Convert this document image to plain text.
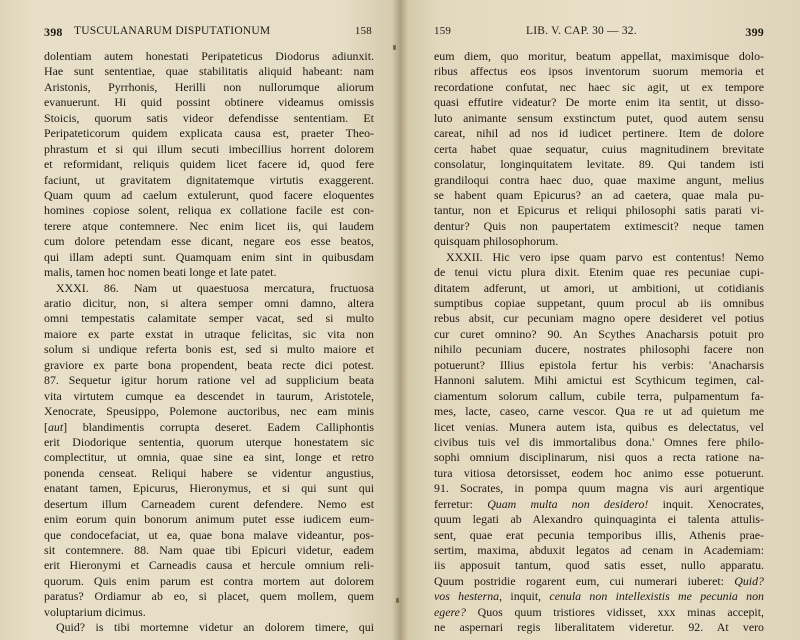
398 TUSCULANARUM DISPUTATIONUM	158
dolentiam autem honestati Peripateticus Diodorus adiunxit.
Hae sunt sententiae, quae stabilitatis aliquid habeant: nam
Aristonis, Pyrrhonis, Herilli non nullorumque aliorum
evanuerunt. Hi quid possint obtinere videamus omissis
Stoicis, quorum satis videor defendisse sententiam. Et
Peripateticorum quidem explicata causa est, praeter Theo-
phrastum et si qui illum secuti imbecillius horrent dolorem
et reformidant, reliquis quidem licet facere id, quod fere
faciunt, ut gravitatem dignitatemque virtutis exaggerent.
Quam quum ad caelum extulerunt, quod facere eloquentes
homines copiose solent, reliqua ex collatione facile est con-
terere atque contemnere. Nec enim licet iis, qui laudem
cum dolore petendam esse dicant, negare eos esse beatos,
qui illam adepti sunt. Quamquam enim sint in quibusdam
malis, tamen hoc nomen beati longe et late patet.
XXXI. 86. Nam ut quaestuosa mercatura, fructuosa
aratio dicitur, non, si altera semper omni damno, altera
omni tempestatis calamitate semper vacat, sed si multo
maiore ex parte exstat in utraque felicitas, sic vita non
solum si undique referta bonis est, sed si multo maiore et
graviore ex parte bona propendent, beata recte dici potest.
87. Sequetur igitur horum ratione vel ad supplicium beata
vita virtutem cumque ea descendet in taurum, Aristotele,
Xenocrate, Speusippo, Polemone auctoribus, nec eam minis
[aut] blandimentis corrupta deseret. Eadem Calliphontis
erit Diodorique sententia, quorum uterque honestatem sic
complectitur, ut omnia, quae sine ea sint, longe et retro
ponenda censeat. Reliqui habere se videntur angustius,
enatant tamen, Epicurus, Hieronymus, et si qui sunt qui
desertum illum Carneadem curent defendere. Nemo est
enim eorum quin bonorum animum putet esse iudicem eum-
que condocefaciat, ut ea, quae bona malave videantur, pos-
sit contemnere. 88. Nam quae tibi Epicuri videtur, eadem
erit Hieronymi et Carneadis causa et hercule omnium reli-
quorum. Quis enim parum est contra mortem aut dolorem
paratus? Ordiamur ab eo, si placet, quem mollem, quem
voluptarium dicimus.
Quid? is tibi mortemne videtur an dolorem timere, qui
159	LIB. V. CAP. 30 — 32.	399
eum diem, quo moritur, beatum appellat, maximisque dolo-
ribus affectus eos ipsos inventorum suorum memoria et
recordatione confutat, nec haec sic agit, ut ex tempore
quasi effutire videatur? De morte enim ita sentit, ut disso-
luto animante sensum exstinctum putet, quod autem sensu
careat, nihil ad nos id iudicet pertinere. Item de dolore
certa habet quae sequatur, cuius magnitudinem brevitate
consolatur, longinquitatem levitate. 89. Qui tandem isti
grandiloqui contra haec duo, quae maxime angunt, melius
se habent quam Epicurus? an ad caetera, quae mala pu-
tantur, non et Epicurus et reliqui philosophi satis parati vi-
dentur? Quis non paupertatem extimescit? neque tamen
quisquam philosophorum.
XXXII. Hic vero ipse quam parvo est contentus! Nemo
de tenui victu plura dixit. Etenim quae res pecuniae cupi-
ditatem adferunt, ut amori, ut ambitioni, ut cotidianis
sumptibus copiae suppetant, quum procul ab iis omnibus
rebus absit, cur pecuniam magno opere desideret vel potius
cur curet omnino? 90. An Scythes Anacharsis potuit pro
nihilo pecuniam ducere, nostrates philosophi facere non
potuerunt? Illius epistola fertur his verbis: 'Anacharsis
Hannoni salutem. Mihi amictui est Scythicum tegimen, cal-
ciamentum solorum callum, cubile terra, pulpamentum fa-
mes, lacte, caseo, carne vescor. Qua re ut ad quietum me
licet venias. Munera autem ista, quibus es delectatus, vel
civibus tuis vel dis immortalibus dona.' Omnes fere philo-
sophi omnium disciplinarum, nisi quos a recta ratione na-
tura vitiosa detorsisset, eodem hoc animo esse potuerunt.
91. Socrates, in pompa quum magna vis auri argentique
ferretur: Quam multa non desidero! inquit. Xenocrates,
quum legati ab Alexandro quinquaginta ei talenta attulis-
sent, quae erat pecunia temporibus illis, Athenis prae-
sertim, maxima, abduxit legatos ad cenam in Academiam:
iis apposuit tantum, quod satis esset, nullo apparatu.
Quum postridie rogarent eum, cui numerari iuberet: Quid?
vos hesterna, inquit, cenula non intellexistis me pecunia non
egere? Quos quum tristiores vidisset, xxx minas accepit,
ne aspernari regis liberalitatem videretur. 92. At vero
